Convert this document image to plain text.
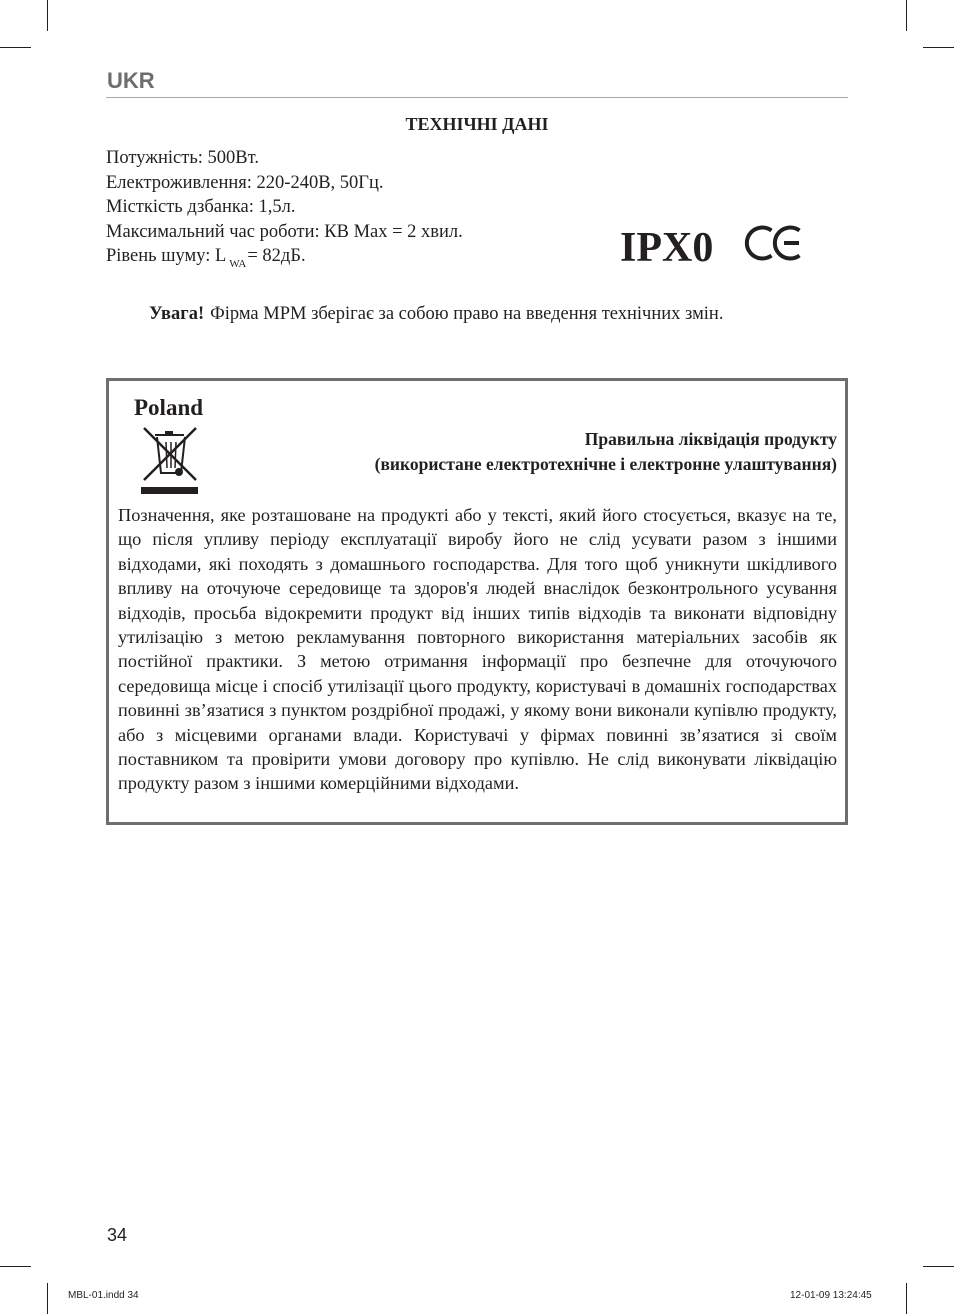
UKR
ТЕХНІЧНІ ДАНІ
Потужність: 500Вт.
Електроживлення: 220-240В, 50Гц.
Місткість дзбанка: 1,5л.
Максимальний час роботи: КВ Max = 2 хвил.
Рівень шуму: L $_{WA}$= 82дБ.	IPX0
Увага! Фірма MPM зберігає за собою право на введення технічних змін.
Poland
Правильна ліквідація продукту
(використане електротехнічне і електронне улаштування)

Позначення, яке розташоване на продукті або у тексті, який його стосується, вказує на те, що після упливу періоду експлуатації виробу його не слід усувати разом з іншими відходами, які походять з домашнього господарства. Для того щоб уникнути шкідливого впливу на оточуюче середовище та здоров'я людей внаслідок безконтрольного усування відходів, просьба відокремити продукт від інших типів відходів та виконати відповідну утилізацію з метою рекламування повторного використання матеріальних засобів як постійної практики. З метою отримання інформації про безпечне для оточуючого середовища місце і спосіб утилізації цього продукту, користувачі в домашніх господарствах повинні зв’язатися з пунктом роздрібної продажі, у якому вони виконали купівлю продукту, або з місцевими органами влади. Користувачі у фірмах повинні зв’язатися зі своїм поставником та провірити умови договору про купівлю. Не слід виконувати ліквідацію продукту разом з іншими комерційними відходами.

34
MBL-01.indd 34	12-01-09 13:24:45
